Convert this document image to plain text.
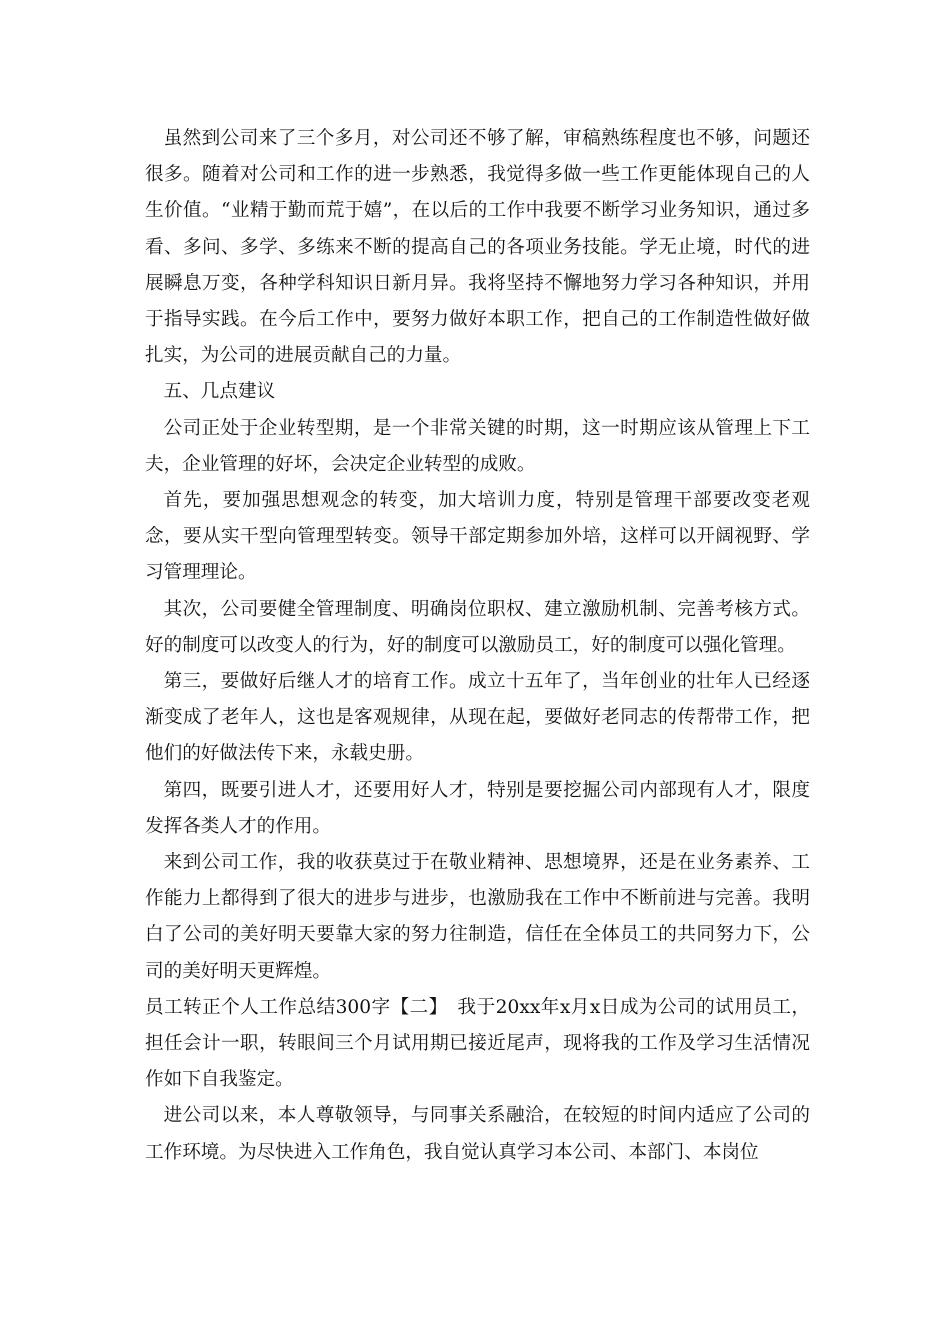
虽然到公司来了三个多月，对公司还不够了解，审稿熟练程度也不够，问题还很多。随着对公司和工作的进一步熟悉，我觉得多做一些工作更能体现自己的人生价值。“业精于勤而荒于嬉”，在以后的工作中我要不断学习业务知识，通过多看、多问、多学、多练来不断的提高自己的各项业务技能。学无止境，时代的进展瞬息万变，各种学科知识日新月异。我将坚持不懈地努力学习各种知识，并用于指导实践。在今后工作中，要努力做好本职工作，把自己的工作制造性做好做扎实，为公司的进展贡献自己的力量。

五、几点建议

公司正处于企业转型期，是一个非常关键的时期，这一时期应该从管理上下工夫，企业管理的好坏，会决定企业转型的成败。

首先，要加强思想观念的转变，加大培训力度，特别是管理干部要改变老观念，要从实干型向管理型转变。领导干部定期参加外培，这样可以开阔视野、学习管理理论。

其次，公司要健全管理制度、明确岗位职权、建立激励机制、完善考核方式。好的制度可以改变人的行为，好的制度可以激励员工，好的制度可以强化管理。

第三，要做好后继人才的培育工作。成立十五年了，当年创业的壮年人已经逐渐变成了老年人，这也是客观规律，从现在起，要做好老同志的传帮带工作，把他们的好做法传下来，永载史册。

第四，既要引进人才，还要用好人才，特别是要挖掘公司内部现有人才，限度发挥各类人才的作用。

来到公司工作，我的收获莫过于在敬业精神、思想境界，还是在业务素养、工作能力上都得到了很大的进步与进步，也激励我在工作中不断前进与完善。我明白了公司的美好明天要靠大家的努力往制造，信任在全体员工的共同努力下，公司的美好明天更辉煌。

员工转正个人工作总结300字【二】　我于20xx年x月x日成为公司的试用员工，担任会计一职，转眼间三个月试用期已接近尾声，现将我的工作及学习生活情况作如下自我鉴定。

进公司以来，本人尊敬领导，与同事关系融洽，在较短的时间内适应了公司的工作环境。为尽快进入工作角色，我自觉认真学习本公司、本部门、本岗位
